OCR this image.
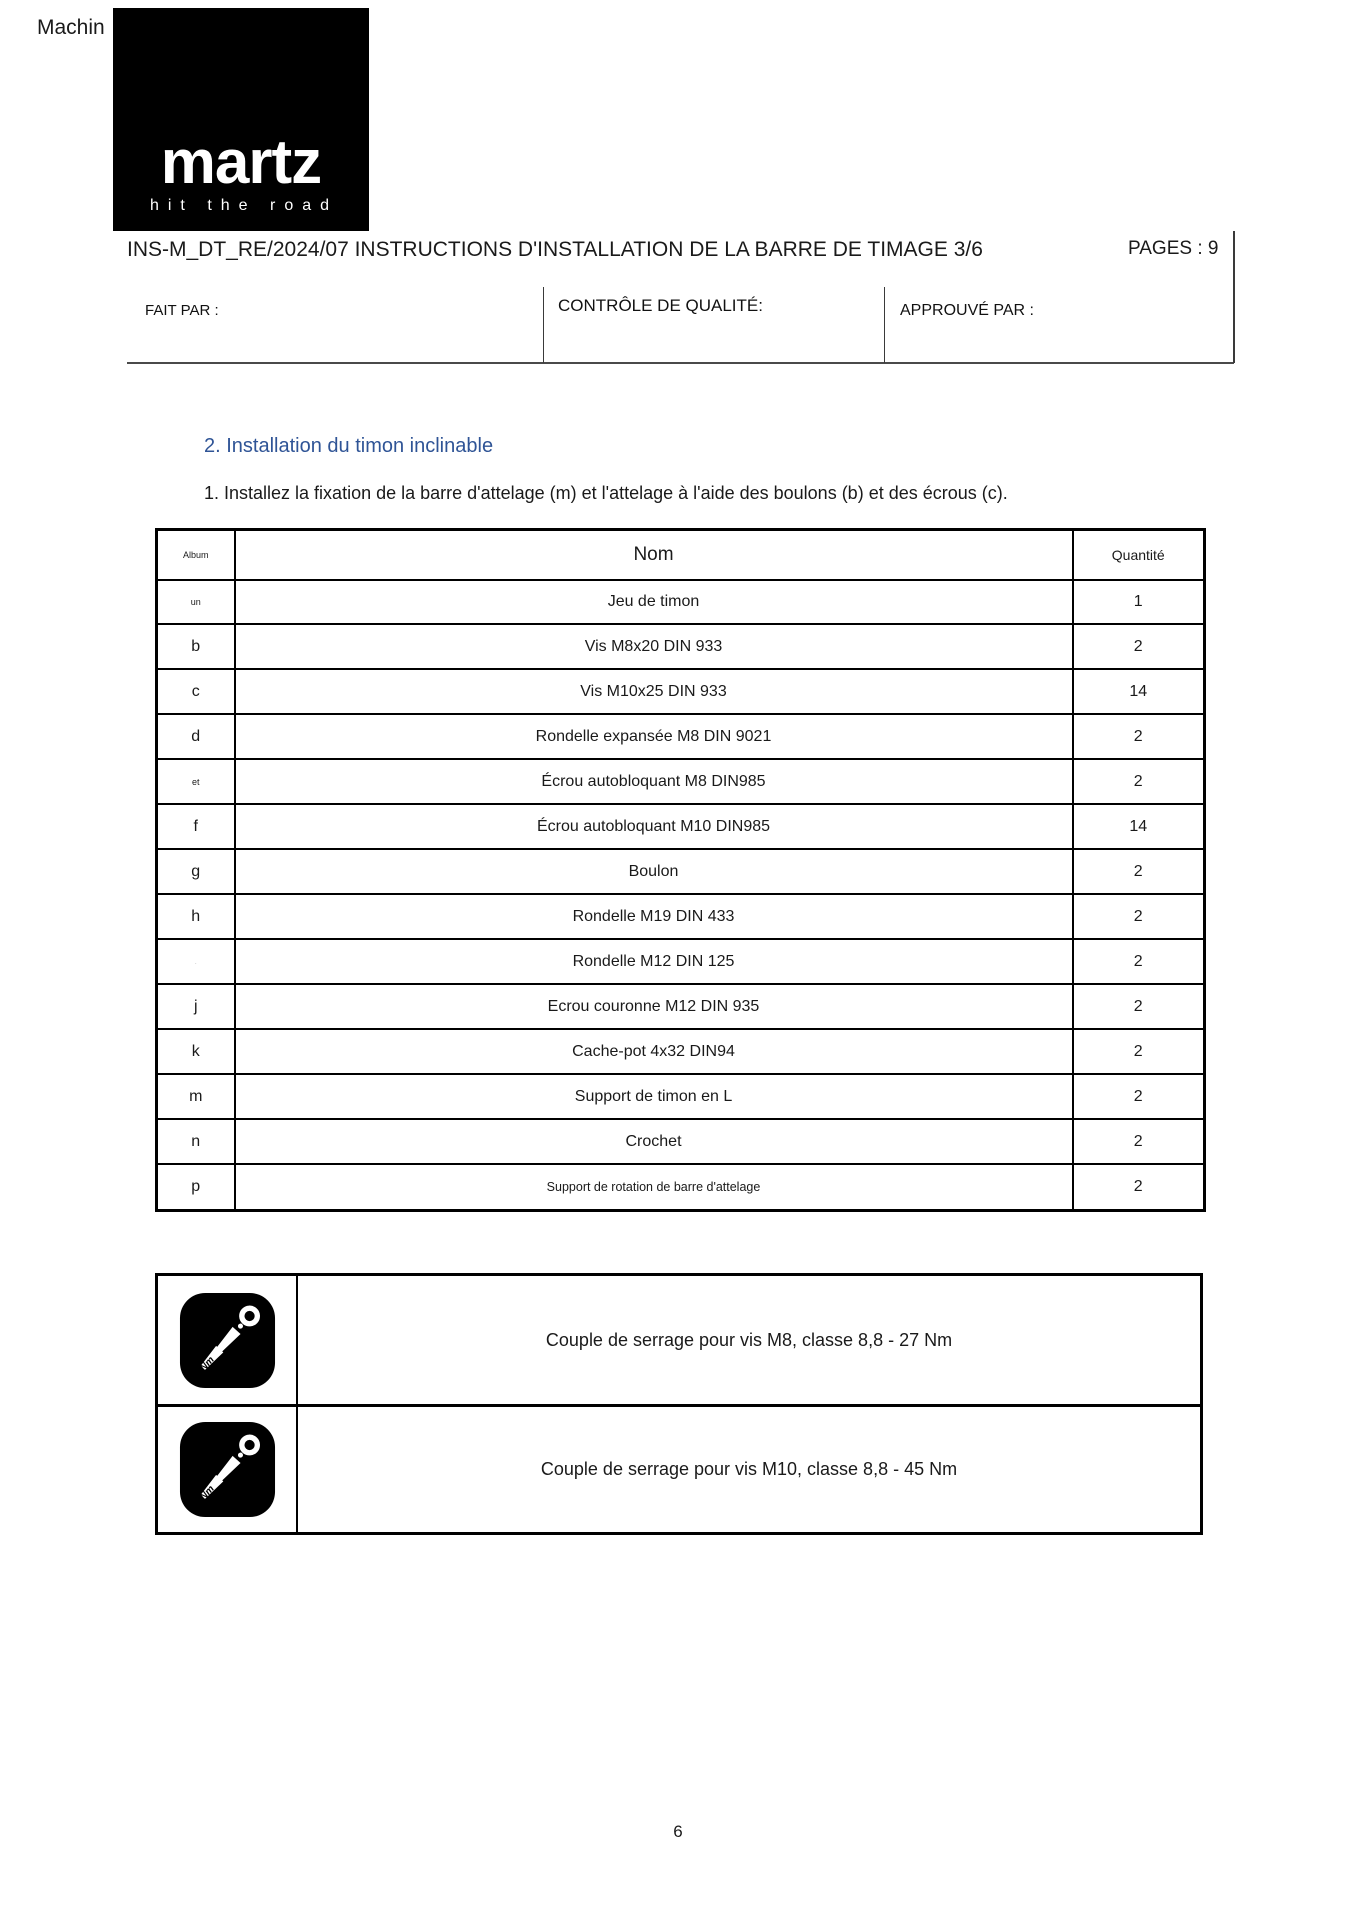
Machin
martz
hit the road
INS-M_DT_RE/2024/07 INSTRUCTIONS D'INSTALLATION DE LA BARRE DE TIMAGE 3/6	PAGES : 9
FAIT PAR :	CONTRÔLE DE QUALITÉ:	APPROUVÉ PAR :
2. Installation du timon inclinable
1. Installez la fixation de la barre d'attelage (m) et l'attelage à l'aide des boulons (b) et des écrous (c).
Album	Nom	Quantité
un	Jeu de timon	1
b	Vis M8x20 DIN 933	2
c	Vis M10x25 DIN 933	14
d	Rondelle expansée M8 DIN 9021	2
et	Écrou autobloquant M8 DIN985	2
f	Écrou autobloquant M10 DIN985	14
g	Boulon	2
h	Rondelle M19 DIN 433	2
.	Rondelle M12 DIN 125	2
j	Ecrou couronne M12 DIN 935	2
k	Cache-pot 4x32 DIN94	2
m	Support de timon en L	2
n	Crochet	2
p	Support de rotation de barre d'attelage	2
Nm
Couple de serrage pour vis M8, classe 8,8 - 27 Nm
Nm
Couple de serrage pour vis M10, classe 8,8 - 45 Nm
6
